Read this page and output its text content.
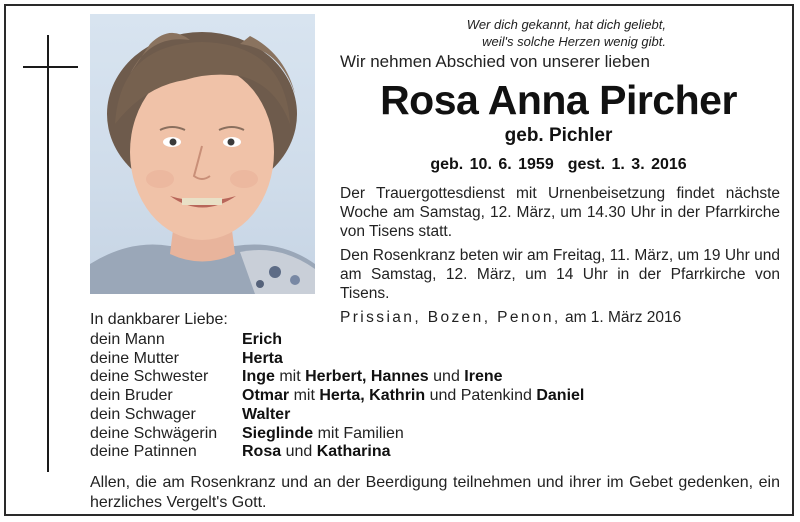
Wer dich gekannt, hat dich geliebt,
weil's solche Herzen wenig gibt.
Wir nehmen Abschied von unserer lieben
Rosa Anna Pircher
geb. Pichler
geb. 10. 6. 1959 gest. 1. 3. 2016
Der Trauergottesdienst mit Urnenbeisetzung findet nächste Woche am Samstag, 12. März, um 14.30 Uhr in der Pfarrkirche von Tisens statt.
Den Rosenkranz beten wir am Freitag, 11. März, um 19 Uhr und am Samstag, 12. März, um 14 Uhr in der Pfarrkirche von Tisens.
Prissian, Bozen, Penon, am 1. März 2016
In dankbarer Liebe:
dein Mann	Erich
deine Mutter	Herta
deine Schwester	Inge mit Herbert, Hannes und Irene
dein Bruder	Otmar mit Herta, Kathrin und Patenkind Daniel
dein Schwager	Walter
deine Schwägerin	Sieglinde mit Familien
deine Patinnen	Rosa und Katharina
Allen, die am Rosenkranz und an der Beerdigung teilnehmen und ihrer im Gebet gedenken, ein herzliches Vergelt's Gott.
